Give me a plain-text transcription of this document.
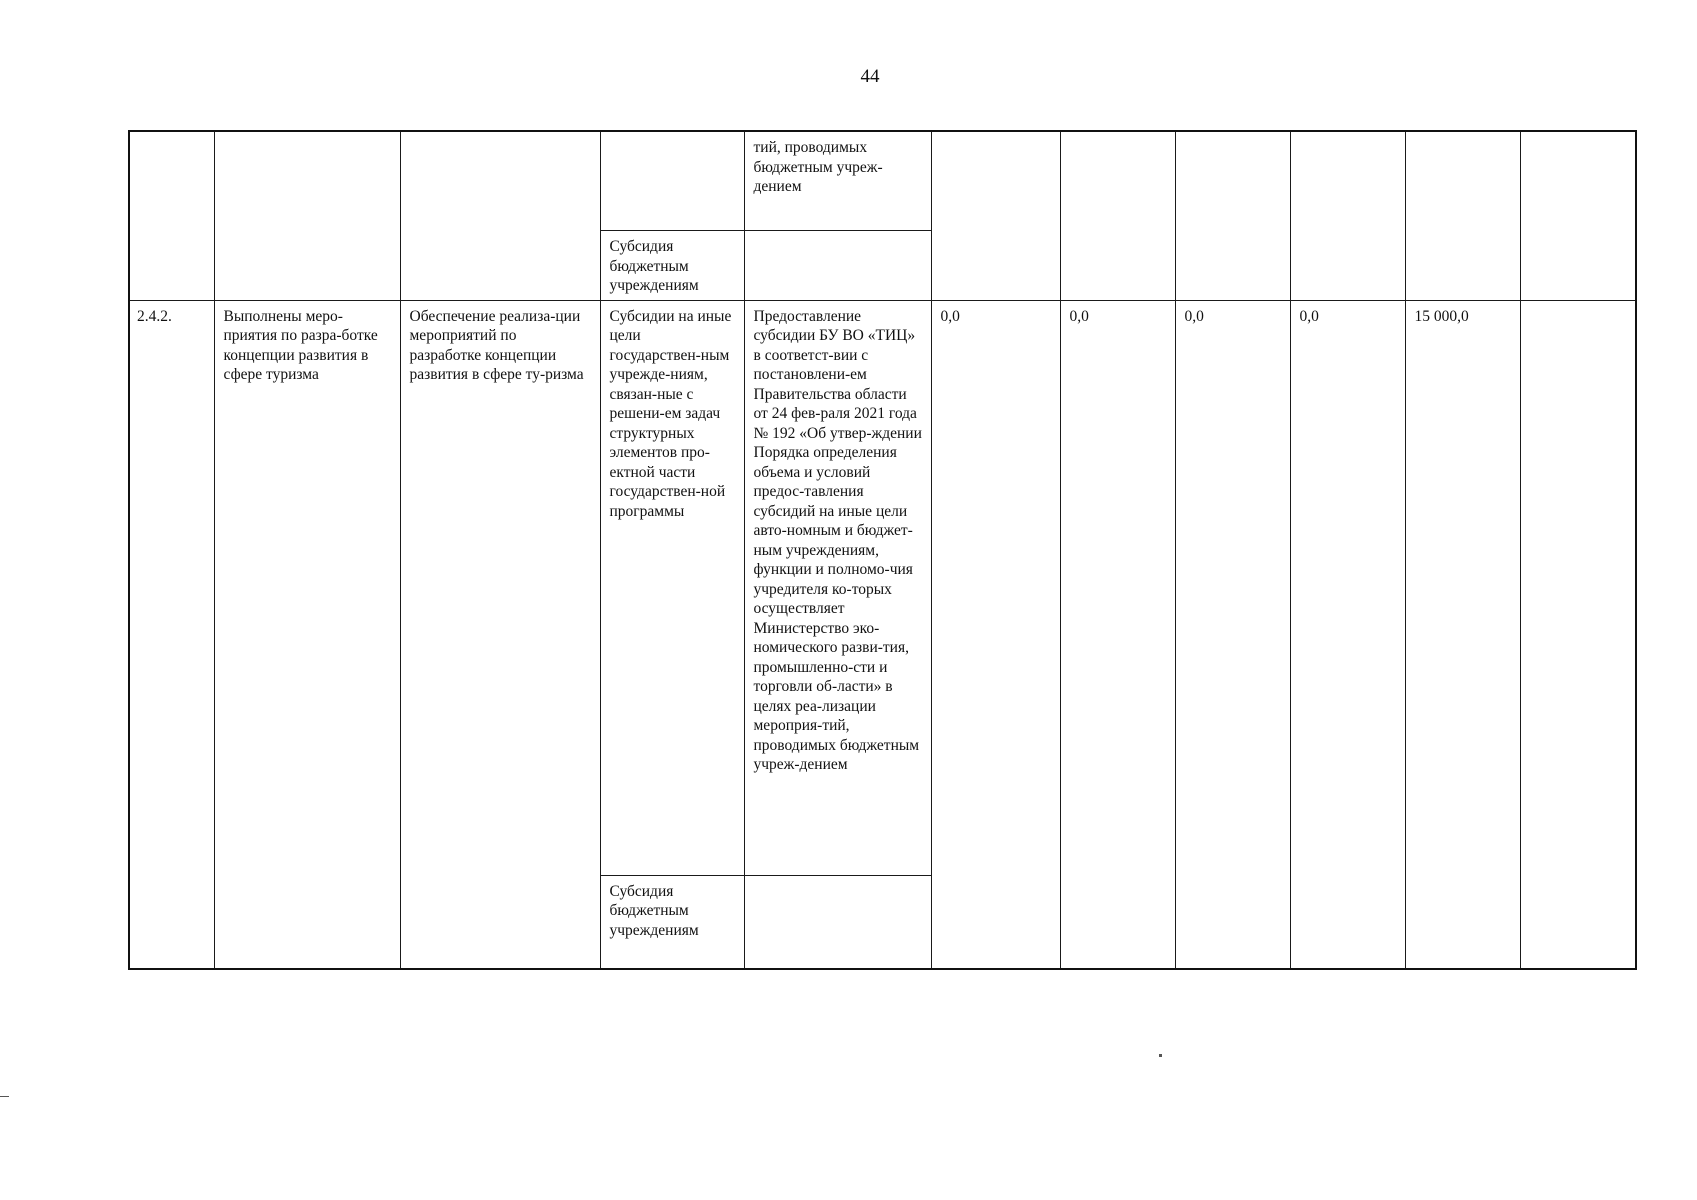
44
				тий, проводимых бюджетным учреж-дением						
			Субсидия бюджетным учреждениям							
2.4.2.	Выполнены меро-приятия по разра-ботке концепции развития в сфере туризма	Обеспечение реализа-ции мероприятий по разработке концепции развития в сфере ту-ризма	Субсидии на иные цели государствен-ным учрежде-ниям, связан-ные с решени-ем задач структурных элементов про-ектной части государствен-ной программы	Предоставление субсидии БУ ВО «ТИЦ» в соответст-вии с постановлени-ем Правительства области от 24 фев-раля 2021 года № 192 «Об утвер-ждении Порядка определения объема и условий предос-тавления субсидий на иные цели авто-номным и бюджет-ным учреждениям, функции и полномо-чия учредителя ко-торых осуществляет Министерство эко-номического разви-тия, промышленно-сти и торговли об-ласти» в целях реа-лизации мероприя-тий, проводимых бюджетным учреж-дением	0,0	0,0	0,0	0,0	15 000,0	
			Субсидия бюджетным учреждениям							
